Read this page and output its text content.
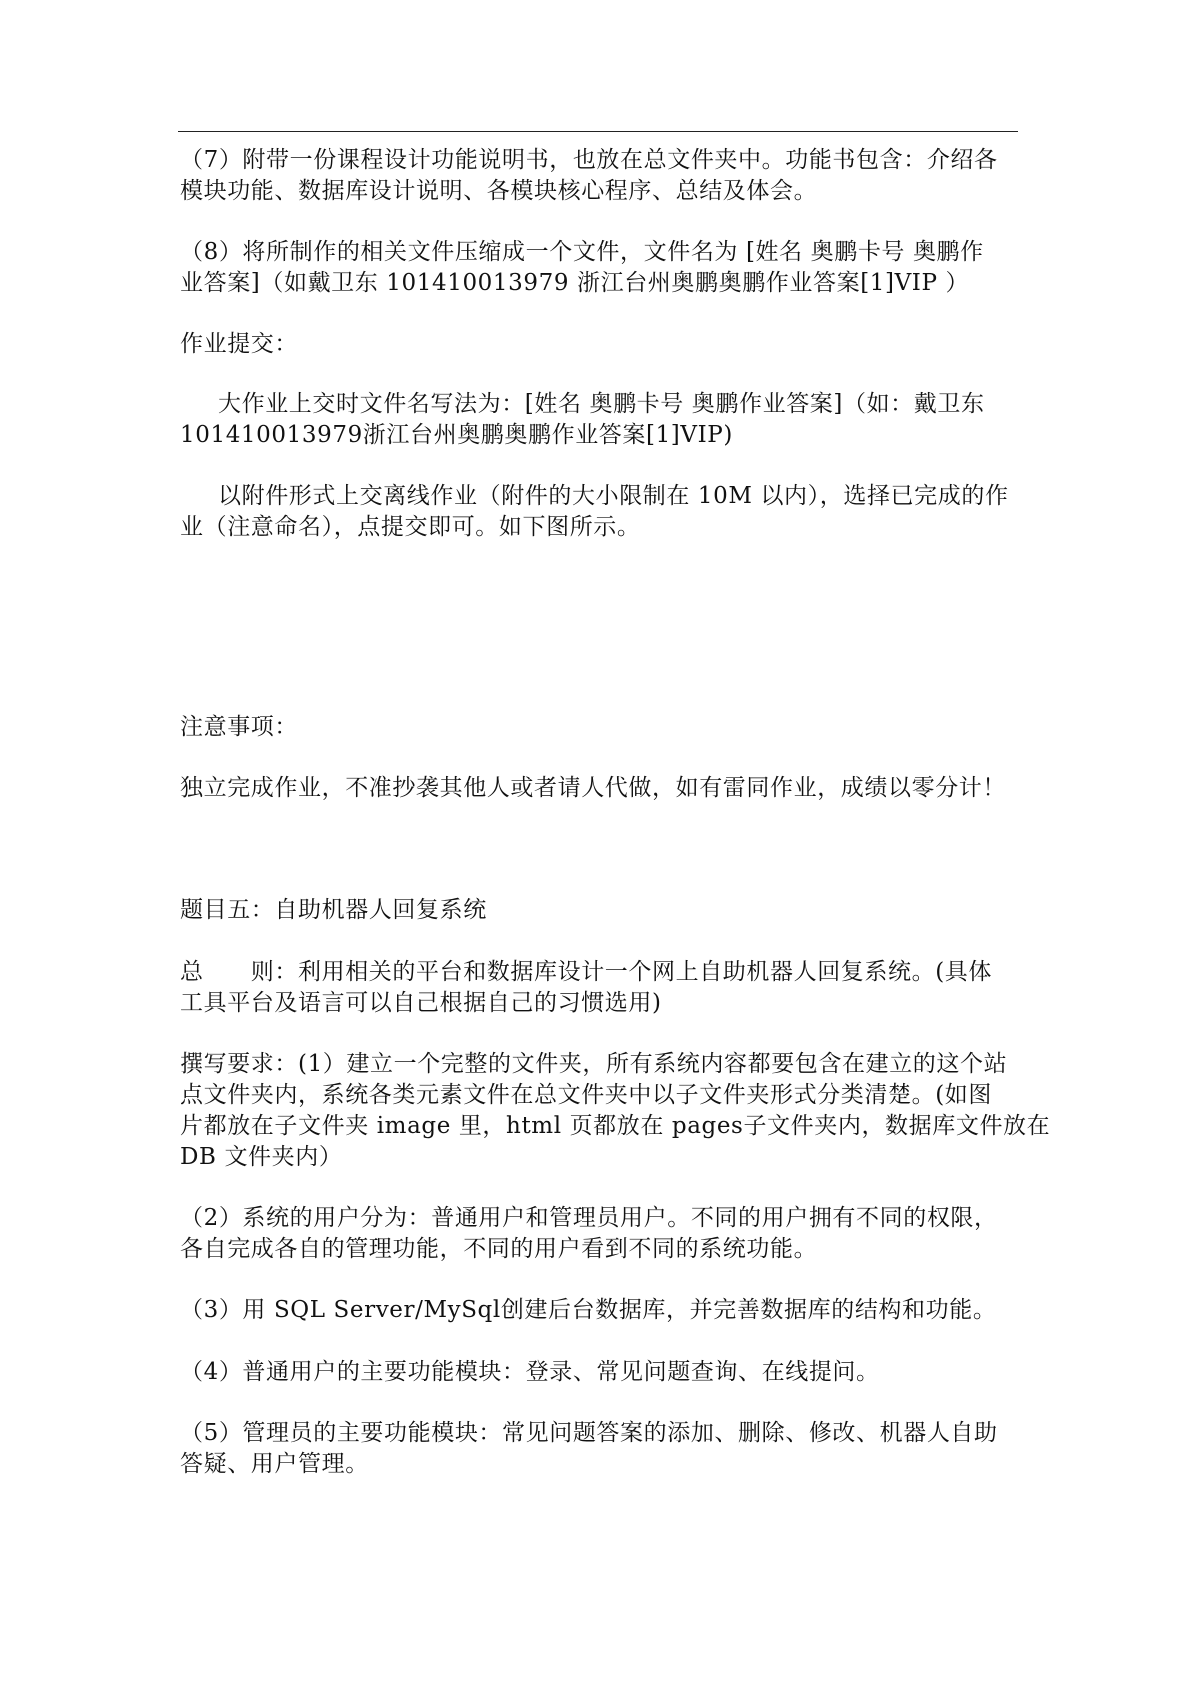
（7）附带一份课程设计功能说明书，也放在总文件夹中。功能书包含：介绍各
模块功能、数据库设计说明、各模块核心程序、总结及体会。
（8）将所制作的相关文件压缩成一个文件，文件名为 [姓名 奥鹏卡号 奥鹏作
业答案]（如戴卫东 101410013979 浙江台州奥鹏奥鹏作业答案[1]VIP ）
作业提交：
大作业上交时文件名写法为：[姓名 奥鹏卡号 奥鹏作业答案]（如：戴卫东
101410013979浙江台州奥鹏奥鹏作业答案[1]VIP)
以附件形式上交离线作业（附件的大小限制在 10M 以内），选择已完成的作
业（注意命名），点提交即可。如下图所示。
注意事项：
独立完成作业，不准抄袭其他人或者请人代做，如有雷同作业，成绩以零分计！
题目五：自助机器人回复系统
总　　则：利用相关的平台和数据库设计一个网上自助机器人回复系统。(具体
工具平台及语言可以自己根据自己的习惯选用)
撰写要求：(1）建立一个完整的文件夹，所有系统内容都要包含在建立的这个站
点文件夹内，系统各类元素文件在总文件夹中以子文件夹形式分类清楚。(如图
片都放在子文件夹 image 里，html 页都放在 pages子文件夹内，数据库文件放在
DB 文件夹内）
（2）系统的用户分为：普通用户和管理员用户。不同的用户拥有不同的权限，
各自完成各自的管理功能，不同的用户看到不同的系统功能。
（3）用 SQL Server/MySql创建后台数据库，并完善数据库的结构和功能。
（4）普通用户的主要功能模块：登录、常见问题查询、在线提问。
（5）管理员的主要功能模块：常见问题答案的添加、删除、修改、机器人自助
答疑、用户管理。
